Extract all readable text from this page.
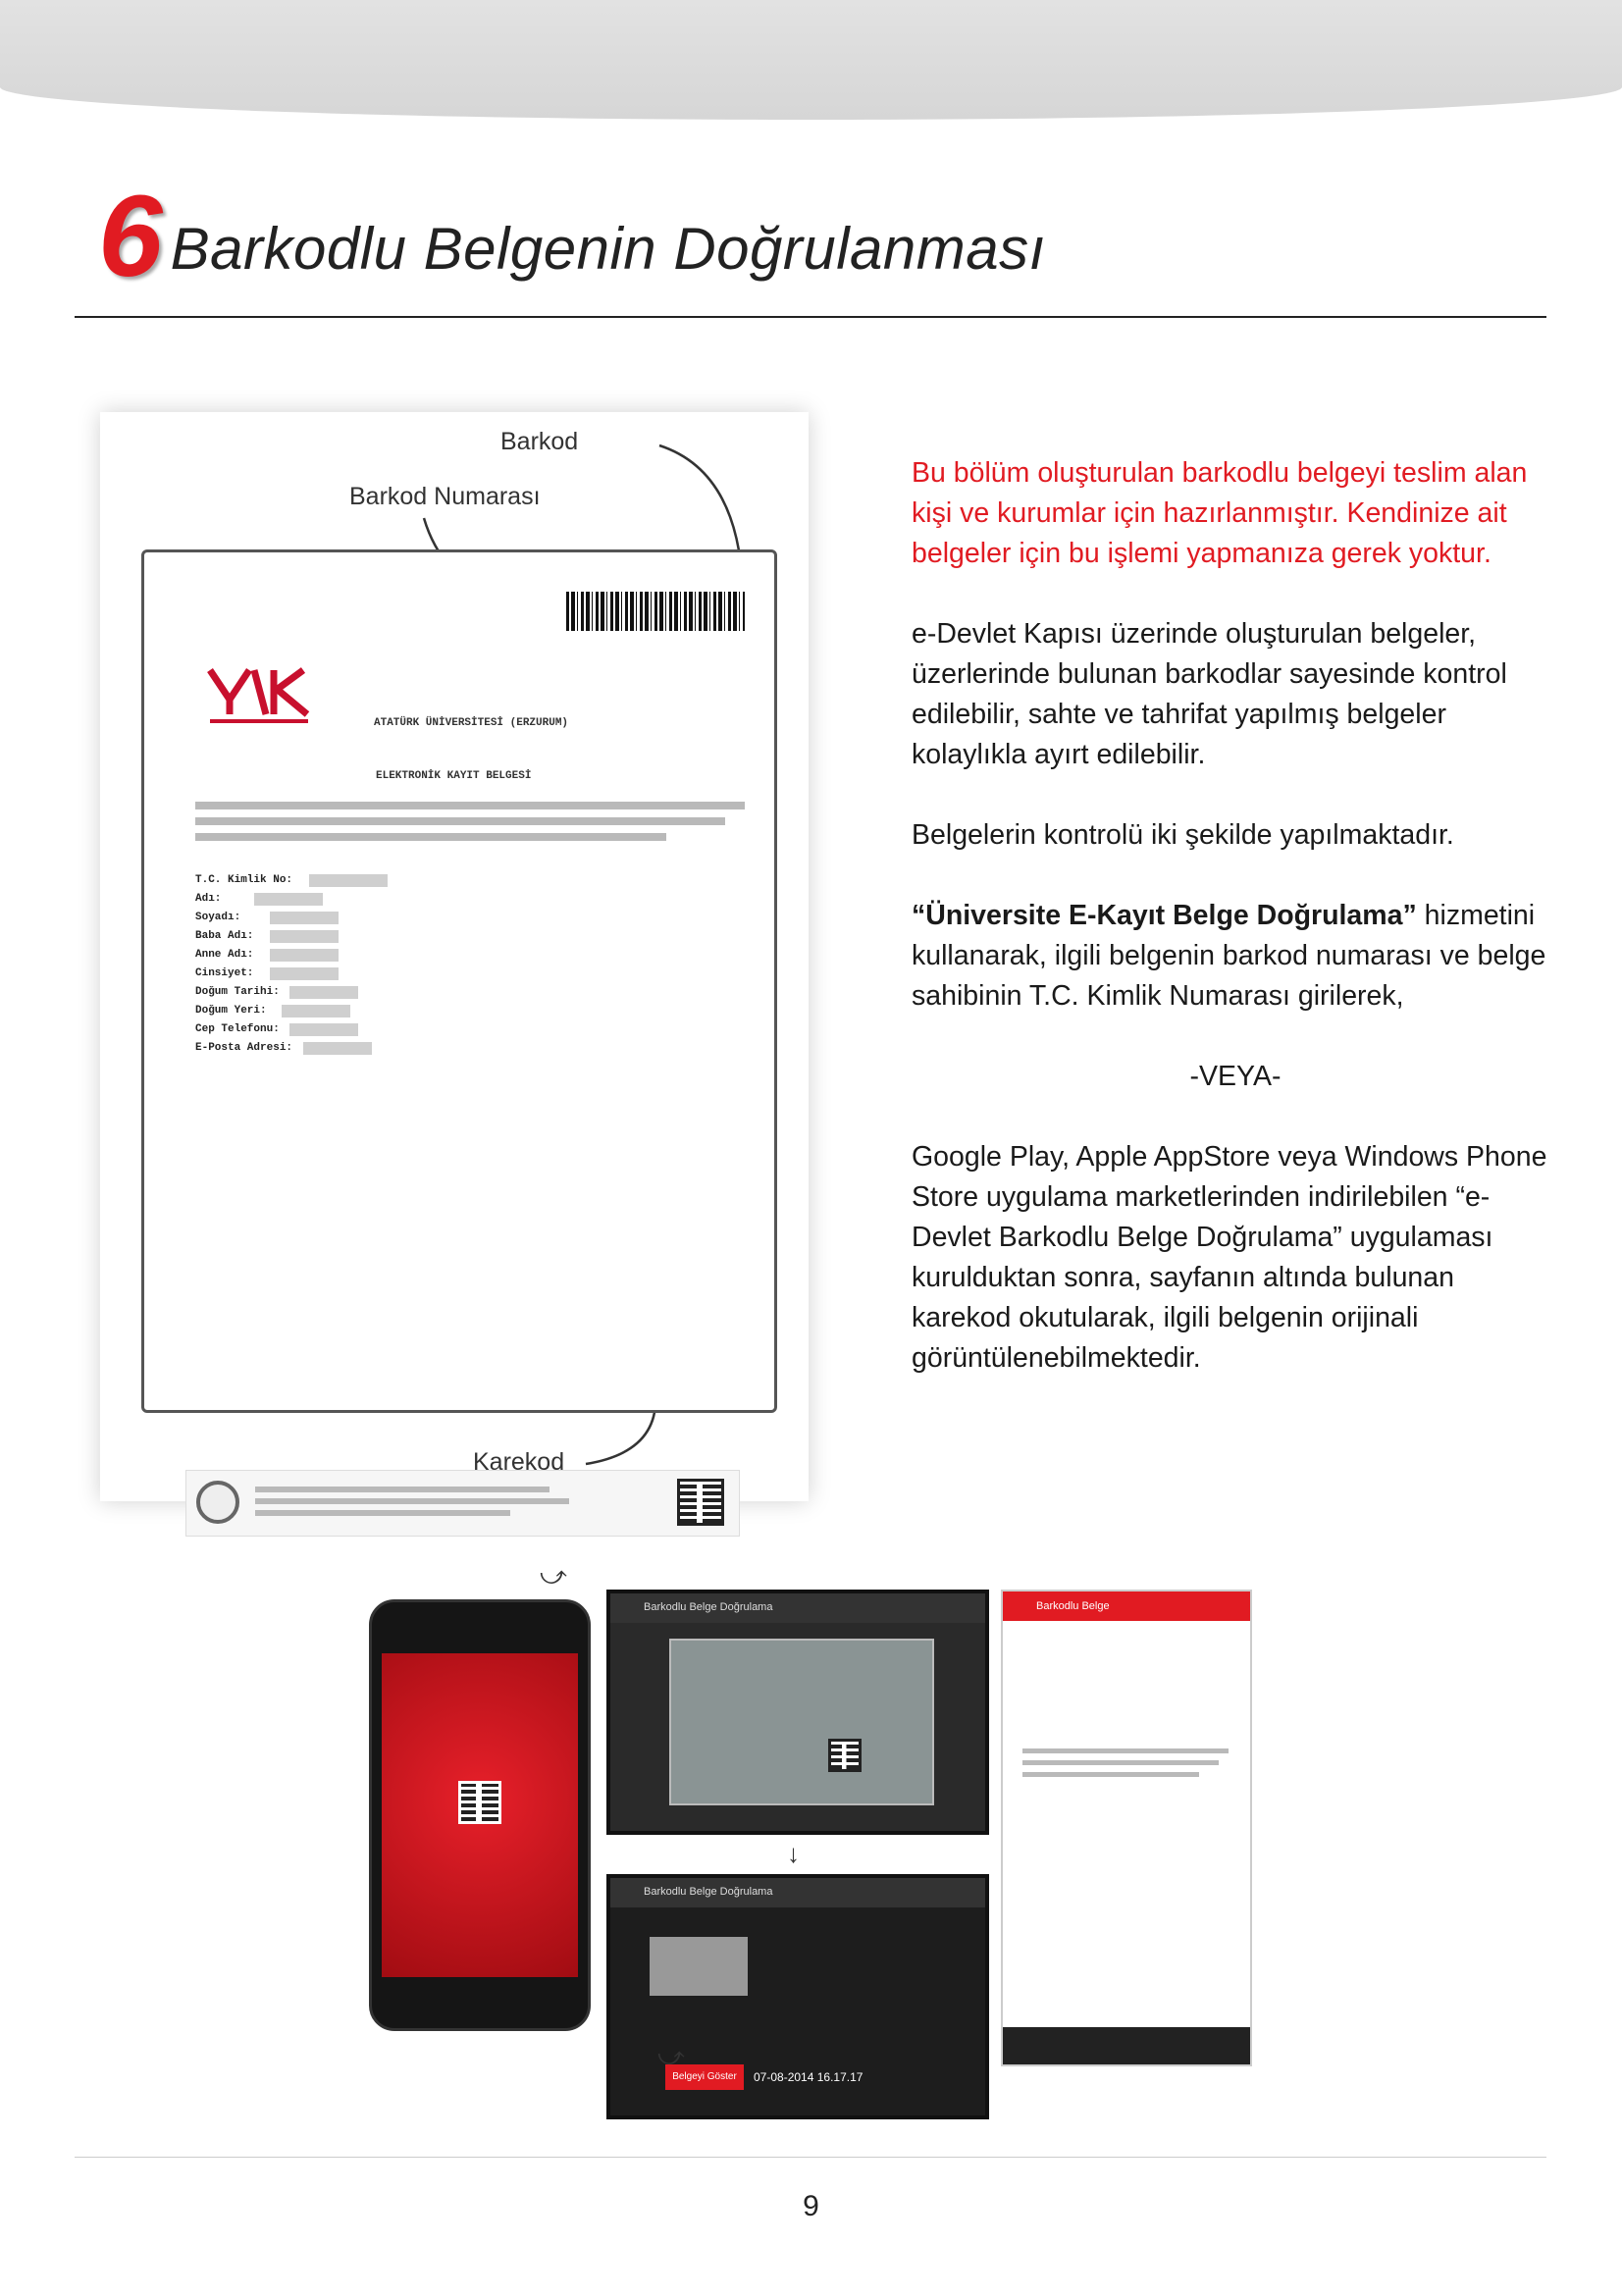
6 Barkodlu Belgenin Doğrulanması
Barkod
Barkod Numarası
ATATÜRK ÜNİVERSİTESİ (ERZURUM)
ELEKTRONİK KAYIT BELGESİ
T.C. Kimlik No:
Adı:
Soyadı:
Baba Adı:
Anne Adı:
Cinsiyet:
Doğum Tarihi:
Doğum Yeri:
Cep Telefonu:
E-Posta Adresi:
Karekod

Bu bölüm oluşturulan barkodlu belgeyi teslim alan kişi ve kurumlar için hazırlanmıştır. Kendinize ait belgeler için bu işlemi yapmanıza gerek yoktur.

e-Devlet Kapısı üzerinde oluşturulan belgeler, üzerlerinde bulunan barkodlar sayesinde kontrol edilebilir, sahte ve tahrifat yapılmış belgeler kolaylıkla ayırt edilebilir.

Belgelerin kontrolü iki şekilde yapılmaktadır.

“Üniversite E-Kayıt Belge Doğrulama” hizmetini kullanarak, ilgili belgenin barkod numarası ve belge sahibinin T.C. Kimlik Numarası girilerek,

-VEYA-

Google Play, Apple AppStore veya Windows Phone Store uygulama marketlerinden indirilebilen “e-Devlet Barkodlu Belge Doğrulama” uygulaması kurulduktan sonra, sayfanın altında bulunan karekod okutularak, ilgili belgenin orijinali görüntülenebilmektedir.

⤻
Barkodlu Belge Doğrulama
↓
Barkodlu Belge Doğrulama
Belgeyi Göster	07-08-2014 16.17.17
Barkodlu Belge
⤻
9
